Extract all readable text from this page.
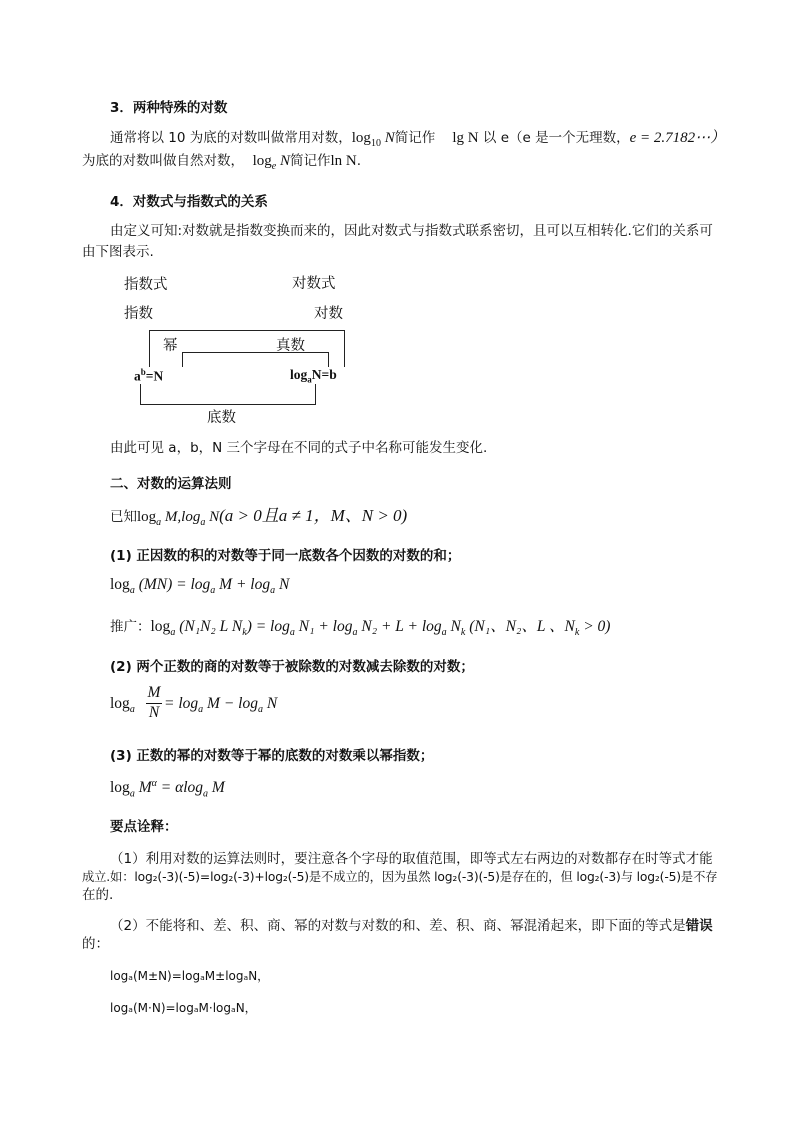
3．两种特殊的对数
通常将以 10 为底的对数叫做常用对数，$\log_{10} N$简记作 lg N 以 e（e 是一个无理数，e = 2.7182⋯）
为底的对数叫做自然对数， $\log_e N$简记作ln N.
4．对数式与指数式的关系
由定义可知:对数就是指数变换而来的，因此对数式与指数式联系密切，且可以互相转化.它们的关系可
由下图表示.
指数式	对数式
指数	对数
幂	真数
$a^b=N$	$\log_aN=b$
底数
由此可见 a，b，N 三个字母在不同的式子中名称可能发生变化.
二、对数的运算法则
已知$\log_a M,\log_a$ N(a > 0且a ≠ 1，M、N > 0)
(1) 正因数的积的对数等于同一底数各个因数的对数的和；
$\log_a (MN) = \log_a M + \log_a N$
推广：$\log_a (N_1N_2$ L $N_k) = \log_a N_1 + \log_a N_2 + L + \log_a N_k$ (N₁、N₂、L 、$N_k > 0$)
(2) 两个正数的商的对数等于被除数的对数减去除数的对数；
$\log_a$
M
N
= $\log_a M - \log_a N$
(3) 正数的幂的对数等于幂的底数的对数乘以幂指数；
$\log_a M^\alpha = \alpha\log_a$ M
要点诠释：
（1）利用对数的运算法则时，要注意各个字母的取值范围，即等式左右两边的对数都存在时等式才能
成立.如：log₂(-3)(-5)=log₂(-3)+log₂(-5)是不成立的，因为虽然 log₂(-3)(-5)是存在的，但 log₂(-3)与 log₂(-5)是不存
在的.
（2）不能将和、差、积、商、幂的对数与对数的和、差、积、商、幂混淆起来，即下面的等式是错误
的：
logₐ(M±N)=logₐM±logₐN，
logₐ(M·N)=logₐM·logₐN，
